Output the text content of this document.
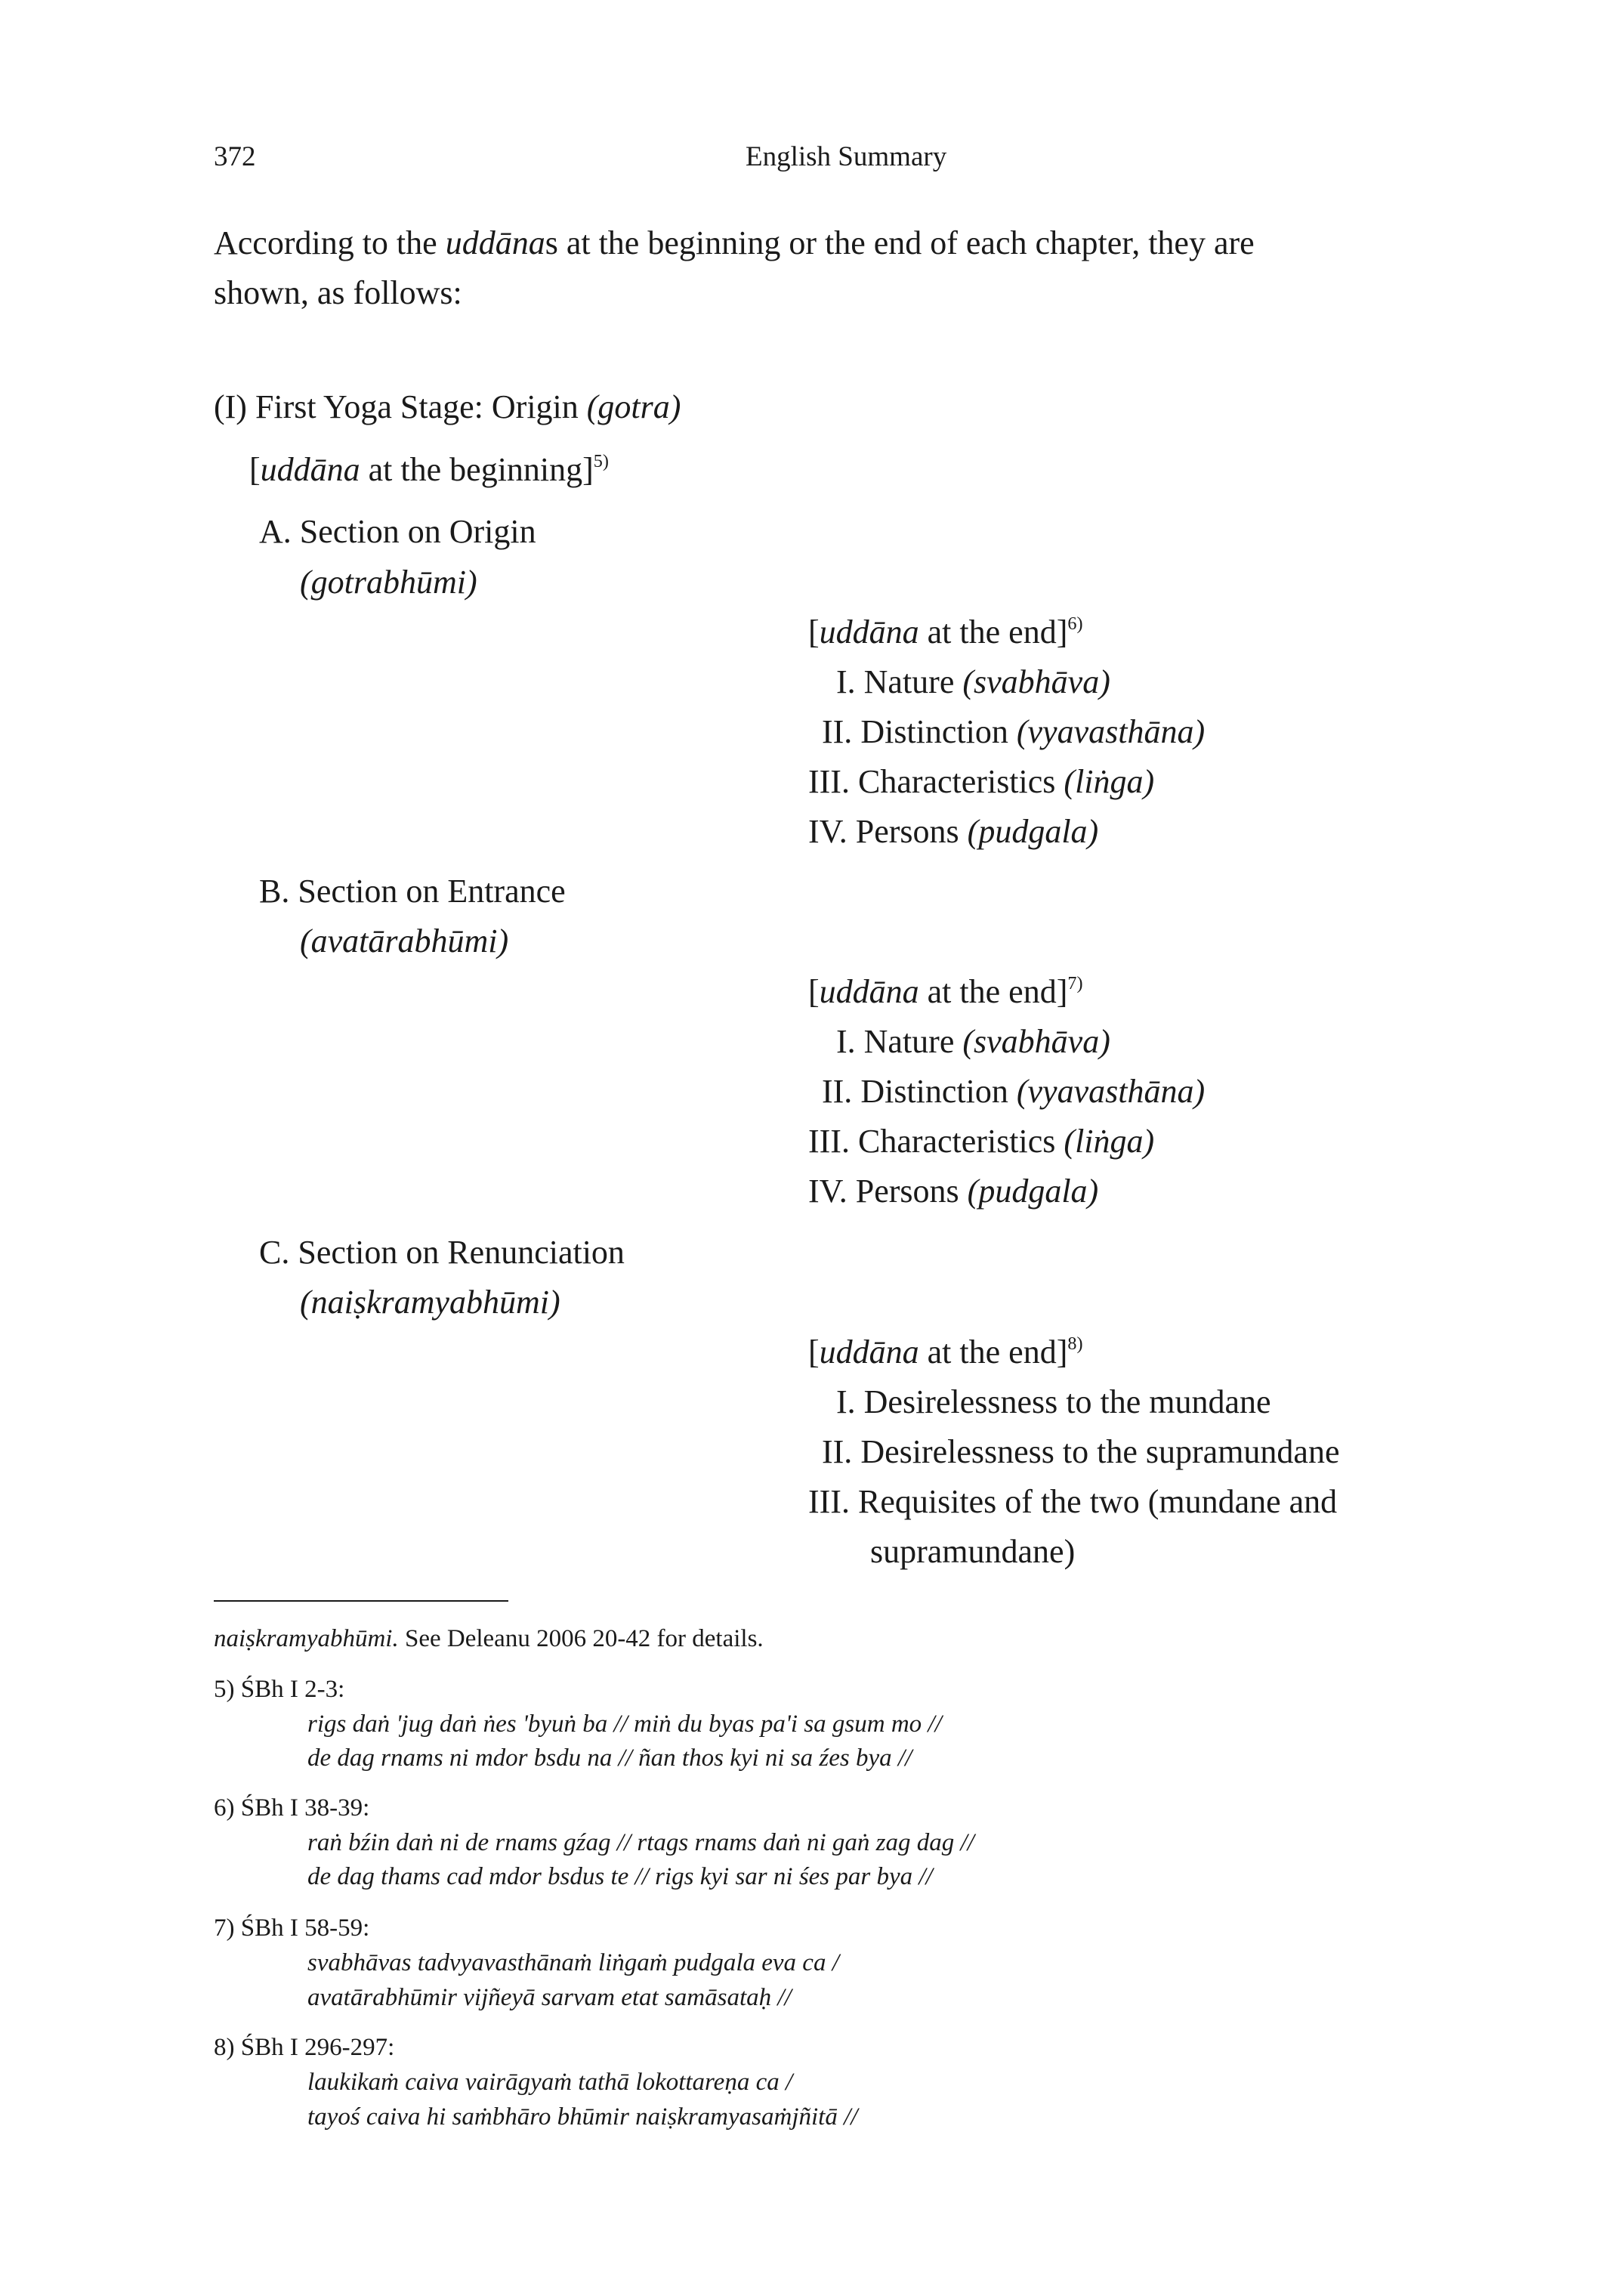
372	English Summary
According to the uddānas at the beginning or the end of each chapter, they are
shown, as follows:
(I) First Yoga Stage: Origin (gotra)
[uddāna at the beginning]$^{5)}$
A. Section on Origin
(gotrabhūmi)
[uddāna at the end]$^{6)}$
I. Nature (svabhāva)
II. Distinction (vyavasthāna)
III. Characteristics (liṅga)
IV. Persons (pudgala)
B. Section on Entrance
(avatārabhūmi)
[uddāna at the end]$^{7)}$
I. Nature (svabhāva)
II. Distinction (vyavasthāna)
III. Characteristics (liṅga)
IV. Persons (pudgala)
C. Section on Renunciation
(naiṣkramyabhūmi)
[uddāna at the end]$^{8)}$
I. Desirelessness to the mundane
II. Desirelessness to the supramundane
III. Requisites of the two (mundane and
supramundane)
naiṣkramyabhūmi. See Deleanu 2006 20-42 for details.
5) ŚBh I 2-3:
rigs daṅ 'jug daṅ ṅes 'byuṅ ba // miṅ du byas pa'i sa gsum mo //
de dag rnams ni mdor bsdu na // ñan thos kyi ni sa źes bya //
6) ŚBh I 38-39:
raṅ bźin daṅ ni de rnams gźag // rtags rnams daṅ ni gaṅ zag dag //
de dag thams cad mdor bsdus te // rigs kyi sar ni śes par bya //
7) ŚBh I 58-59:
svabhāvas tadvyavasthānaṁ liṅgaṁ pudgala eva ca /
avatārabhūmir vijñeyā sarvam etat samāsataḥ //
8) ŚBh I 296-297:
laukikaṁ caiva vairāgyaṁ tathā lokottareṇa ca /
tayoś caiva hi saṁbhāro bhūmir naiṣkramyasaṁjñitā //
